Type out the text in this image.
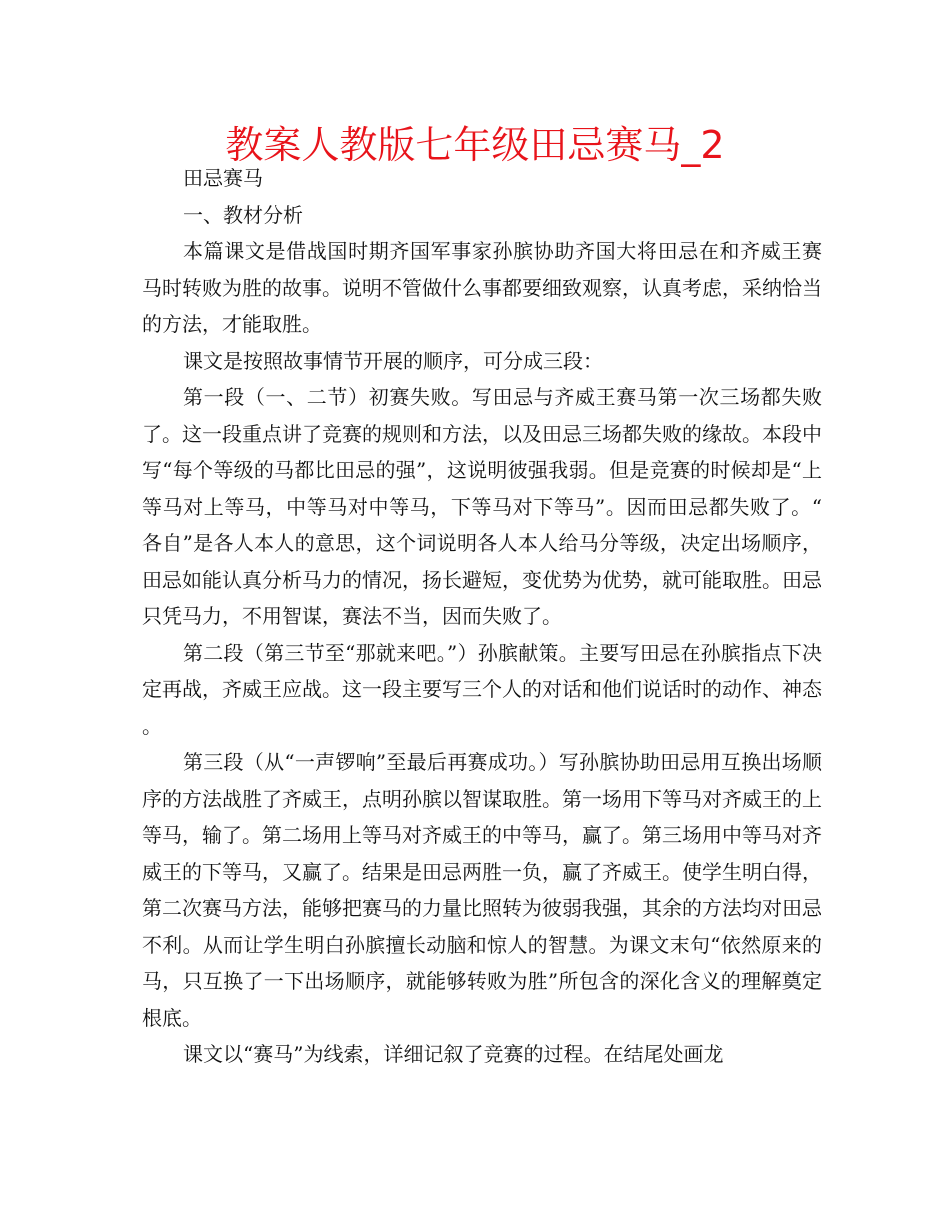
教案人教版七年级田忌赛马_2

田忌赛马

一、教材分析

本篇课文是借战国时期齐国军事家孙膑协助齐国大将田忌在和齐威王赛马时转败为胜的故事。说明不管做什么事都要细致观察，认真考虑，采纳恰当的方法，才能取胜。

课文是按照故事情节开展的顺序，可分成三段：

第一段（一、二节）初赛失败。写田忌与齐威王赛马第一次三场都失败了。这一段重点讲了竞赛的规则和方法，以及田忌三场都失败的缘故。本段中写“每个等级的马都比田忌的强”，这说明彼强我弱。但是竞赛的时候却是“上等马对上等马，中等马对中等马，下等马对下等马”。因而田忌都失败了。“各自”是各人本人的意思，这个词说明各人本人给马分等级，决定出场顺序，田忌如能认真分析马力的情况，扬长避短，变优势为优势，就可能取胜。田忌只凭马力，不用智谋，赛法不当，因而失败了。

第二段（第三节至“那就来吧。”）孙膑献策。主要写田忌在孙膑指点下决定再战，齐威王应战。这一段主要写三个人的对话和他们说话时的动作、神态。

第三段（从“一声锣响”至最后再赛成功。）写孙膑协助田忌用互换出场顺序的方法战胜了齐威王，点明孙膑以智谋取胜。第一场用下等马对齐威王的上等马，输了。第二场用上等马对齐威王的中等马，赢了。第三场用中等马对齐威王的下等马，又赢了。结果是田忌两胜一负，赢了齐威王。使学生明白得，第二次赛马方法，能够把赛马的力量比照转为彼弱我强，其余的方法均对田忌不利。从而让学生明白孙膑擅长动脑和惊人的智慧。为课文末句“依然原来的马，只互换了一下出场顺序，就能够转败为胜”所包含的深化含义的理解奠定根底。

课文以“赛马”为线索，详细记叙了竞赛的过程。在结尾处画龙
